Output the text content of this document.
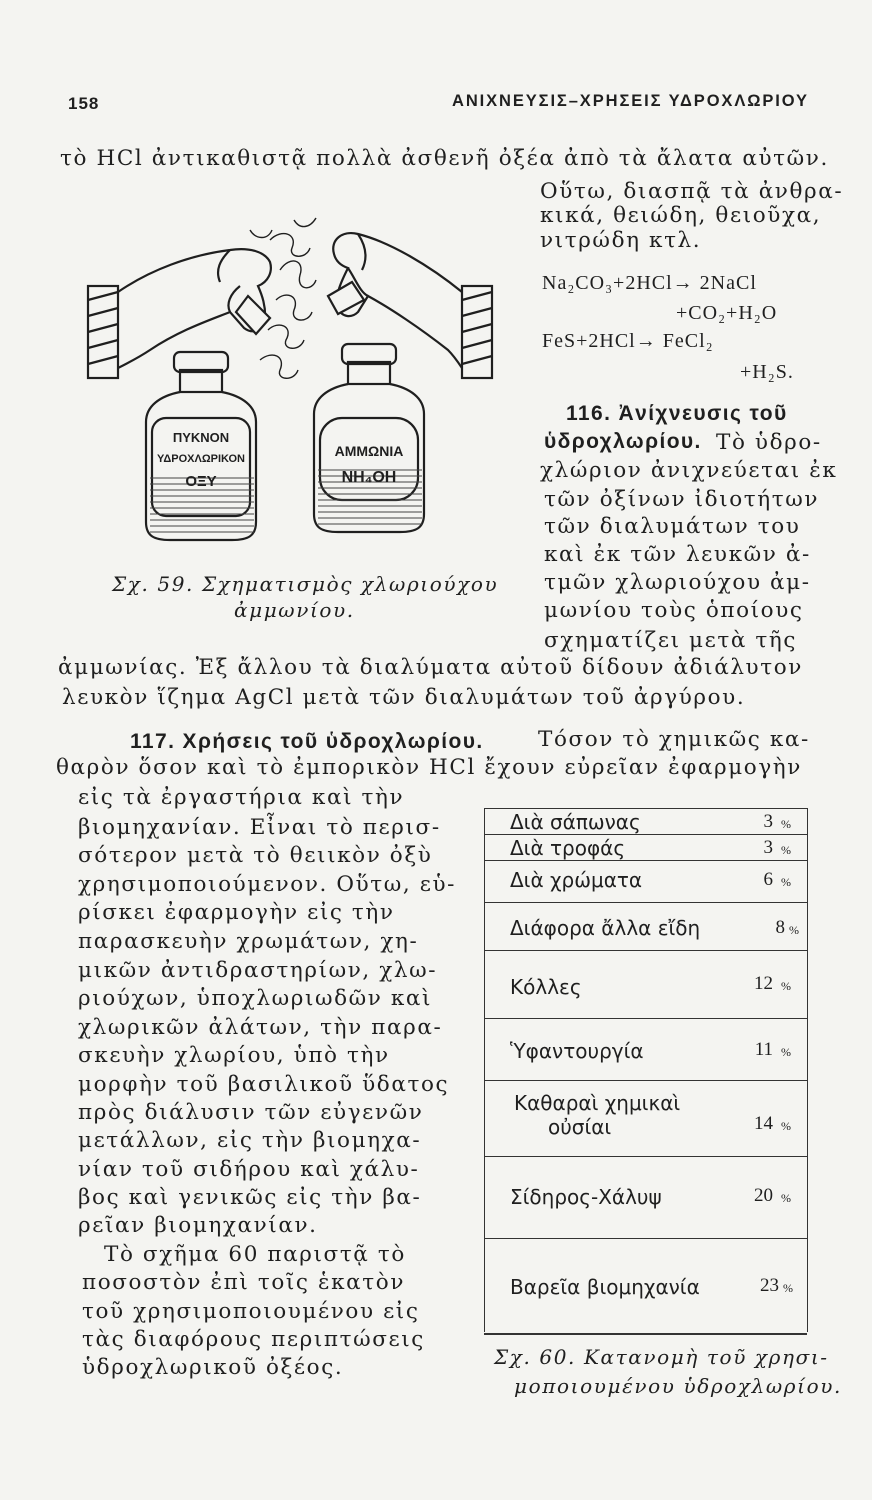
158	ΑΝΙΧΝΕΥΣΙΣ–ΧΡΗΣΕΙΣ ΥΔΡΟΧΛΩΡΙΟΥ
τὸ HCl ἀντικαθιστᾷ πολλὰ ἀσθενῆ ὀξέα ἀπὸ τὰ ἄλατα αὐτῶν.
Οὕτω, διασπᾷ τὰ ἀνθρα-
κικά, θειώδη, θειοῦχα,
νιτρώδη κτλ.
Na₂CO₃+2HCl→ 2NaCl
+CO₂+H₂O
FeS+2HCl→ FeCl₂
+H₂S.
ΠΥΚΝΟΝ
ΥΔΡΟΧΛΩΡΙΚΟΝ
ΟΞΥ
ΑΜΜΩΝΙΑ
NH₄OH
Σχ. 59. Σχηματισμὸς χλωριούχου
ἀμμωνίου.
116. Ἀνίχνευσις τοῦ
ὑδροχλωρίου. Τὸ ὑδρο-
χλώριον ἀνιχνεύεται ἐκ
τῶν ὀξίνων ἰδιοτήτων
τῶν διαλυμάτων του
καὶ ἐκ τῶν λευκῶν ἀ-
τμῶν χλωριούχου ἀμ-
μωνίου τοὺς ὁποίους
σχηματίζει μετὰ τῆς
ἀμμωνίας. Ἐξ ἄλλου τὰ διαλύματα αὐτοῦ δίδουν ἀδιάλυτον
λευκὸν ἵζημα AgCl μετὰ τῶν διαλυμάτων τοῦ ἀργύρου.
117. Χρήσεις τοῦ ὑδροχλωρίου.	Τόσον τὸ χημικῶς κα-
θαρὸν ὅσον καὶ τὸ ἐμπορικὸν HCl ἔχουν εὐρεῖαν ἐφαρμογὴν
εἰς τὰ ἐργαστήρια καὶ τὴν
βιομηχανίαν. Εἶναι τὸ περισ-
σότερον μετὰ τὸ θειικὸν ὀξὺ
χρησιμοποιούμενον. Οὕτω, εὑ-
ρίσκει ἐφαρμογὴν εἰς τὴν
παρασκευὴν χρωμάτων, χη-
μικῶν ἀντιδραστηρίων, χλω-
ριούχων, ὑποχλωριωδῶν καὶ
χλωρικῶν ἀλάτων, τὴν παρα-
σκευὴν χλωρίου, ὑπὸ τὴν
μορφὴν τοῦ βασιλικοῦ ὕδατος
πρὸς διάλυσιν τῶν εὐγενῶν
μετάλλων, εἰς τὴν βιομηχα-
νίαν τοῦ σιδήρου καὶ χάλυ-
βος καὶ γενικῶς εἰς τὴν βα-
ρεῖαν βιομηχανίαν.
Τὸ σχῆμα 60 παριστᾷ τὸ
ποσοστὸν ἐπὶ τοῖς ἑκατὸν
τοῦ χρησιμοποιουμένου εἰς
τὰς διαφόρους περιπτώσεις
ὑδροχλωρικοῦ ὀξέος.
Διὰ σάπωνας	3 %
Διὰ τροφάς	3 %
Διὰ χρώματα	6 %
Διάφορα ἄλλα εἴδη	8 %
Κόλλες	12 %
Ὑφαντουργία	11 %
Καθαραὶ χημικαὶ
οὐσίαι	14 %
Σίδηρος-Χάλυψ	20 %
Βαρεῖα βιομηχανία	23 %
Σχ. 60. Κατανομὴ τοῦ χρησι-
μοποιουμένου ὑδροχλωρίου.
